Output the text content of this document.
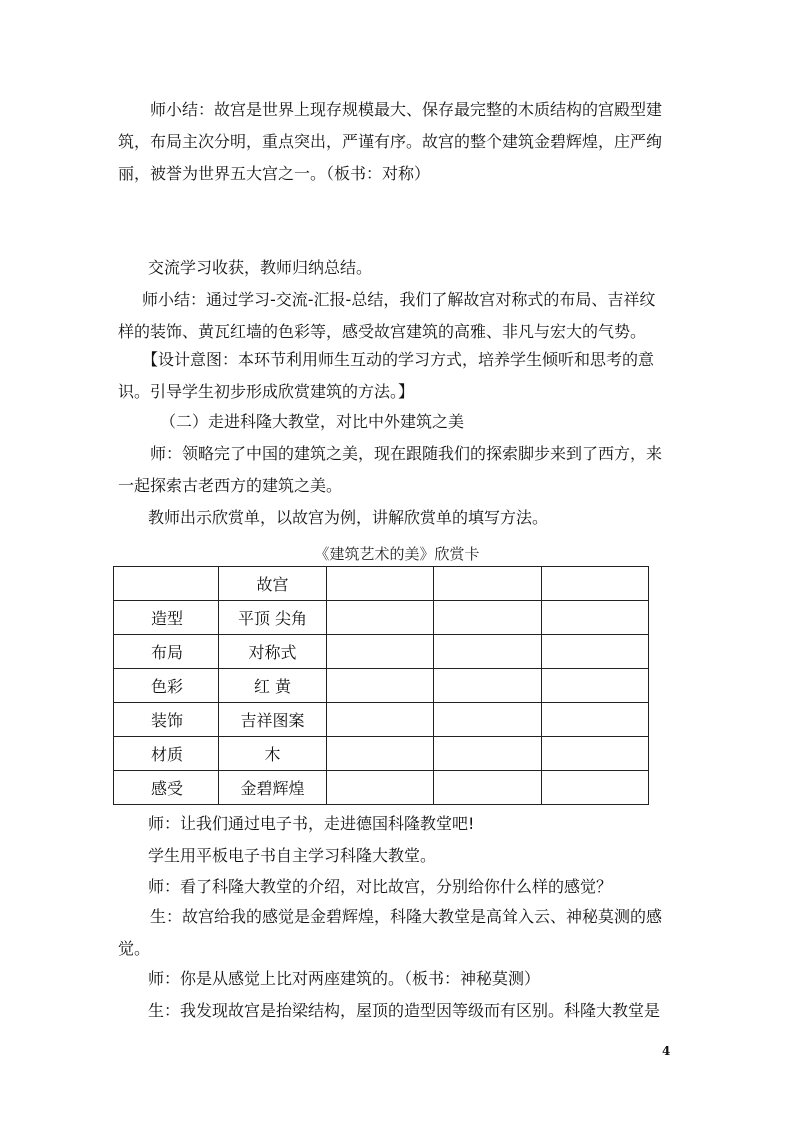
师小结：故宫是世界上现存规模最大、保存最完整的木质结构的宫殿型建筑，布局主次分明，重点突出，严谨有序。故宫的整个建筑金碧辉煌，庄严绚丽，被誉为世界五大宫之一。（板书：对称）

交流学习收获，教师归纳总结。

师小结：通过学习-交流-汇报-总结，我们了解故宫对称式的布局、吉祥纹样的装饰、黄瓦红墙的色彩等，感受故宫建筑的高雅、非凡与宏大的气势。

【设计意图：本环节利用师生互动的学习方式，培养学生倾听和思考的意识。引导学生初步形成欣赏建筑的方法。】

（二）走进科隆大教堂，对比中外建筑之美

师：领略完了中国的建筑之美，现在跟随我们的探索脚步来到了西方，来一起探索古老西方的建筑之美。

教师出示欣赏单，以故宫为例，讲解欣赏单的填写方法。

《建筑艺术的美》欣赏卡
	故宫			
造型	平顶 尖角			
布局	对称式			
色彩	红 黄			
装饰	吉祥图案			
材质	木			
感受	金碧辉煌			

师：让我们通过电子书，走进德国科隆教堂吧!

学生用平板电子书自主学习科隆大教堂。

师：看了科隆大教堂的介绍，对比故宫，分别给你什么样的感觉？

生：故宫给我的感觉是金碧辉煌，科隆大教堂是高耸入云、神秘莫测的感觉。

师：你是从感觉上比对两座建筑的。（板书：神秘莫测）

生：我发现故宫是抬梁结构，屋顶的造型因等级而有区别。科隆大教堂是

4
